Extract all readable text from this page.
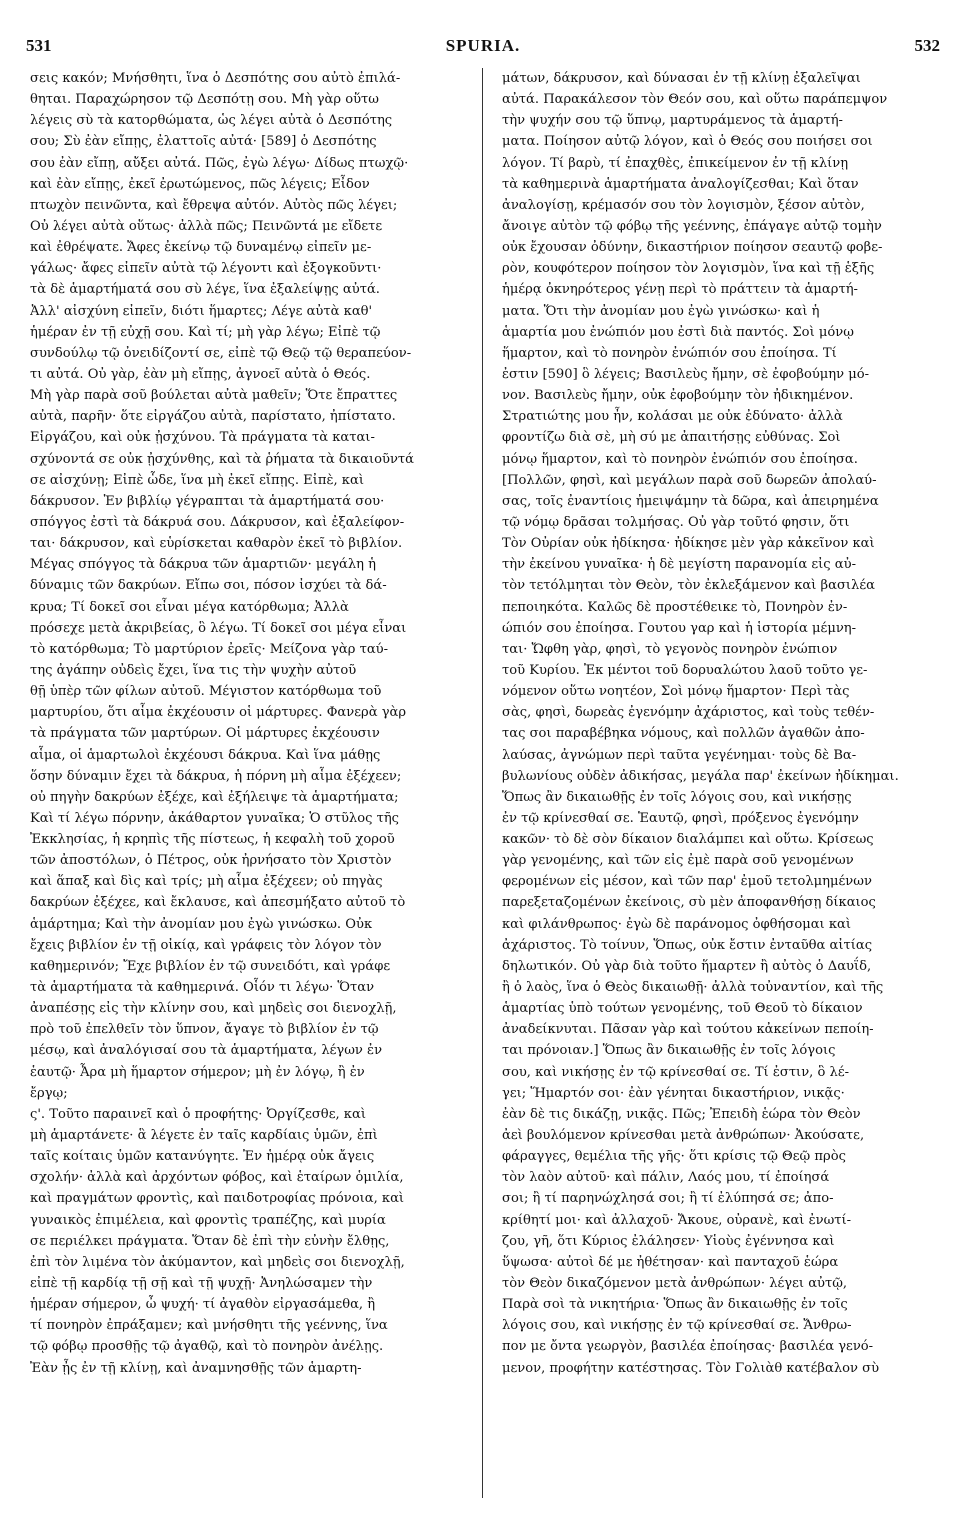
531	SPURIA.	532
σεις κακόν; Μνήσθητι, ἵνα ὁ Δεσπότης σου αὐτὸ ἐπιλά-
θηται. Παραχώρησον τῷ Δεσπότῃ σου. Μὴ γὰρ οὕτω
λέγεις σὺ τὰ κατορθώματα, ὡς λέγει αὐτὰ ὁ Δεσπότης
σου; Σὺ ἐὰν εἴπῃς, ἐλαττοῖς αὐτά· [589] ὁ Δεσπότης
σου ἐὰν εἴπῃ, αὔξει αὐτά. Πῶς, ἐγὼ λέγω· Δίδως πτωχῷ·
καὶ ἐὰν εἴπῃς, ἐκεῖ ἐρωτώμενος, πῶς λέγεις; Εἶδον
πτωχὸν πεινῶντα, καὶ ἔθρεψα αὐτόν. Αὐτὸς πῶς λέγει;
Οὐ λέγει αὐτὰ οὕτως· ἀλλὰ πῶς; Πεινῶντά με εἴδετε
καὶ ἐθρέψατε. Ἄφες ἐκείνῳ τῷ δυναμένῳ εἰπεῖν με-
γάλως· ἄφες εἰπεῖν αὐτὰ τῷ λέγοντι καὶ ἐξογκοῦντι·
τὰ δὲ ἁμαρτήματά σου σὺ λέγε, ἵνα ἐξαλείψῃς αὐτά.
Ἀλλ' αἰσχύνη εἰπεῖν, διότι ἥμαρτες; Λέγε αὐτὰ καθ'
ἡμέραν ἐν τῇ εὐχῇ σου. Καὶ τί; μὴ γὰρ λέγω; Εἰπὲ τῷ
συνδούλῳ τῷ ὀνειδίζοντί σε, εἰπὲ τῷ Θεῷ τῷ θεραπεύον-
τι αὐτά. Οὐ γὰρ, ἐὰν μὴ εἴπῃς, ἀγνοεῖ αὐτὰ ὁ Θεός.
Μὴ γὰρ παρὰ σοῦ βούλεται αὐτὰ μαθεῖν; Ὅτε ἔπραττες
αὐτὰ, παρῆν· ὅτε εἰργάζου αὐτὰ, παρίστατο, ἠπίστατο.
Εἰργάζου, καὶ οὐκ ᾐσχύνου. Τὰ πράγματα τὰ καται-
σχύνοντά σε οὐκ ᾐσχύνθης, καὶ τὰ ῥήματα τὰ δικαιοῦντά
σε αἰσχύνῃ; Εἰπὲ ὧδε, ἵνα μὴ ἐκεῖ εἴπῃς. Εἰπὲ, καὶ
δάκρυσον. Ἐν βιβλίῳ γέγραπται τὰ ἁμαρτήματά σου·
σπόγγος ἐστὶ τὰ δάκρυά σου. Δάκρυσον, καὶ ἐξαλείφον-
ται· δάκρυσον, καὶ εὑρίσκεται καθαρὸν ἐκεῖ τὸ βιβλίον.
Μέγας σπόγγος τὰ δάκρυα τῶν ἁμαρτιῶν· μεγάλη ἡ
δύναμις τῶν δακρύων. Εἴπω σοι, πόσον ἰσχύει τὰ δά-
κρυα; Τί δοκεῖ σοι εἶναι μέγα κατόρθωμα; Ἀλλὰ
πρόσεχε μετὰ ἀκριβείας, ὃ λέγω. Τί δοκεῖ σοι μέγα εἶναι
τὸ κατόρθωμα; Τὸ μαρτύριον ἐρεῖς· Μείζονα γὰρ ταύ-
της ἀγάπην οὐδεὶς ἔχει, ἵνα τις τὴν ψυχὴν αὐτοῦ
θῇ ὑπὲρ τῶν φίλων αὐτοῦ. Μέγιστον κατόρθωμα τοῦ
μαρτυρίου, ὅτι αἷμα ἐκχέουσιν οἱ μάρτυρες. Φανερὰ γὰρ
τὰ πράγματα τῶν μαρτύρων. Οἱ μάρτυρες ἐκχέουσιν
αἷμα, οἱ ἁμαρτωλοὶ ἐκχέουσι δάκρυα. Καὶ ἵνα μάθῃς
ὅσην δύναμιν ἔχει τὰ δάκρυα, ἡ πόρνη μὴ αἷμα ἐξέχεεν;
οὐ πηγὴν δακρύων ἐξέχε, καὶ ἐξήλειψε τὰ ἁμαρτήματα;
Καὶ τί λέγω πόρνην, ἀκάθαρτον γυναῖκα; Ὁ στῦλος τῆς
Ἐκκλησίας, ἡ κρηπὶς τῆς πίστεως, ἡ κεφαλὴ τοῦ χοροῦ
τῶν ἀποστόλων, ὁ Πέτρος, οὐκ ἠρνήσατο τὸν Χριστὸν
καὶ ἅπαξ καὶ δὶς καὶ τρίς; μὴ αἷμα ἐξέχεεν; οὐ πηγὰς
δακρύων ἐξέχεε, καὶ ἔκλαυσε, καὶ ἀπεσμήξατο αὐτοῦ τὸ
ἁμάρτημα; Καὶ τὴν ἀνομίαν μου ἐγὼ γινώσκω. Οὐκ
ἔχεις βιβλίον ἐν τῇ οἰκίᾳ, καὶ γράφεις τὸν λόγον τὸν
καθημερινόν; Ἔχε βιβλίον ἐν τῷ συνειδότι, καὶ γράφε
τὰ ἁμαρτήματα τὰ καθημερινά. Οἷόν τι λέγω· Ὅταν
ἀναπέσῃς εἰς τὴν κλίνην σου, καὶ μηδεὶς σοι διενοχλῇ,
πρὸ τοῦ ἐπελθεῖν τὸν ὕπνον, ἄγαγε τὸ βιβλίον ἐν τῷ
μέσῳ, καὶ ἀναλόγισαί σου τὰ ἁμαρτήματα, λέγων ἐν
ἑαυτῷ· Ἆρα μὴ ἥμαρτον σήμερον; μὴ ἐν λόγῳ, ἢ ἐν
ἔργῳ;
ς'. Τοῦτο παραινεῖ καὶ ὁ προφήτης· Ὀργίζεσθε, καὶ
μὴ ἁμαρτάνετε· ἃ λέγετε ἐν ταῖς καρδίαις ὑμῶν, ἐπὶ
ταῖς κοίταις ὑμῶν κατανύγητε. Ἐν ἡμέρᾳ οὐκ ἄγεις
σχολήν· ἀλλὰ καὶ ἀρχόντων φόβος, καὶ ἑταίρων ὁμιλία,
καὶ πραγμάτων φροντὶς, καὶ παιδοτροφίας πρόνοια, καὶ
γυναικὸς ἐπιμέλεια, καὶ φροντὶς τραπέζης, καὶ μυρία
σε περιέλκει πράγματα. Ὅταν δὲ ἐπὶ τὴν εὐνὴν ἔλθῃς,
ἐπὶ τὸν λιμένα τὸν ἀκύμαντον, καὶ μηδεὶς σοι διενοχλῇ,
εἰπὲ τῇ καρδίᾳ τῇ σῇ καὶ τῇ ψυχῇ· Ἀνηλώσαμεν τὴν
ἡμέραν σήμερον, ὦ ψυχή· τί ἀγαθὸν εἰργασάμεθα, ἢ
τί πονηρὸν ἐπράξαμεν; καὶ μνήσθητι τῆς γεέννης, ἵνα
τῷ φόβῳ προσθῇς τῷ ἀγαθῷ, καὶ τὸ πονηρὸν ἀνέλῃς.
Ἐὰν ᾖς ἐν τῇ κλίνῃ, καὶ ἀναμνησθῇς τῶν ἁμαρτη-
μάτων, δάκρυσον, καὶ δύνασαι ἐν τῇ κλίνῃ ἐξαλεῖψαι
αὐτά. Παρακάλεσον τὸν Θεόν σου, καὶ οὕτω παράπεμψον
τὴν ψυχήν σου τῷ ὕπνῳ, μαρτυράμενος τὰ ἁμαρτή-
ματα. Ποίησον αὐτῷ λόγον, καὶ ὁ Θεός σου ποιήσει σοι
λόγον. Τί βαρὺ, τί ἐπαχθὲς, ἐπικείμενον ἐν τῇ κλίνῃ
τὰ καθημερινὰ ἁμαρτήματα ἀναλογίζεσθαι; Καὶ ὅταν
ἀναλογίσῃ, κρέμασόν σου τὸν λογισμὸν, ξέσον αὐτὸν,
ἄνοιγε αὐτὸν τῷ φόβῳ τῆς γεέννης, ἐπάγαγε αὐτῷ τομὴν
οὐκ ἔχουσαν ὀδύνην, δικαστήριον ποίησον σεαυτῷ φοβε-
ρὸν, κουφότερον ποίησον τὸν λογισμὸν, ἵνα καὶ τῇ ἑξῆς
ἡμέρᾳ ὀκνηρότερος γένῃ περὶ τὸ πράττειν τὰ ἁμαρτή-
ματα. Ὅτι τὴν ἀνομίαν μου ἐγὼ γινώσκω· καὶ ἡ
ἁμαρτία μου ἐνώπιόν μου ἐστὶ διὰ παντός. Σοὶ μόνῳ
ἥμαρτον, καὶ τὸ πονηρὸν ἐνώπιόν σου ἐποίησα. Τί
ἐστιν [590] ὃ λέγεις; Βασιλεὺς ἤμην, σὲ ἐφοβούμην μό-
νον. Βασιλεὺς ἤμην, οὐκ ἐφοβούμην τὸν ἠδικημένον.
Στρατιώτης μου ἦν, κολάσαι με οὐκ ἐδύνατο· ἀλλὰ
φροντίζω διὰ σὲ, μὴ σύ με ἀπαιτήσῃς εὐθύνας. Σοὶ
μόνῳ ἥμαρτον, καὶ τὸ πονηρὸν ἐνώπιόν σου ἐποίησα.
[Πολλῶν, φησὶ, καὶ μεγάλων παρὰ σοῦ δωρεῶν ἀπολαύ-
σας, τοῖς ἐναντίοις ἠμειψάμην τὰ δῶρα, καὶ ἀπειρημένα
τῷ νόμῳ δρᾶσαι τολμήσας. Οὐ γὰρ τοῦτό φησιν, ὅτι
Τὸν Οὐρίαν οὐκ ἠδίκησα· ἠδίκησε μὲν γὰρ κἀκεῖνον καὶ
τὴν ἐκείνου γυναῖκα· ἡ δὲ μεγίστη παρανομία εἰς αὐ-
τὸν τετόλμηται τὸν Θεὸν, τὸν ἐκλεξάμενον καὶ βασιλέα
πεποιηκότα. Καλῶς δὲ προστέθεικε τὸ, Πονηρὸν ἐν-
ώπιόν σου ἐποίησα. Γουτου γαρ καὶ ἡ ἱστορία μέμνη-
ται· Ὤφθη γὰρ, φησὶ, τὸ γεγονὸς πονηρὸν ἐνώπιον
τοῦ Κυρίου. Ἐκ μέντοι τοῦ δορυαλώτου λαοῦ τοῦτο γε-
νόμενον οὕτω νοητέον, Σοὶ μόνῳ ἥμαρτον· Περὶ τὰς
σὰς, φησὶ, δωρεὰς ἐγενόμην ἀχάριστος, καὶ τοὺς τεθέν-
τας σοι παραβέβηκα νόμους, καὶ πολλῶν ἀγαθῶν ἀπο-
λαύσας, ἀγνώμων περὶ ταῦτα γεγένημαι· τοὺς δὲ Βα-
βυλωνίους οὐδὲν ἀδικήσας, μεγάλα παρ' ἐκείνων ἠδίκημαι.
Ὅπως ἂν δικαιωθῇς ἐν τοῖς λόγοις σου, καὶ νικήσῃς
ἐν τῷ κρίνεσθαί σε. Ἑαυτῷ, φησὶ, πρόξενος ἐγενόμην
κακῶν· τὸ δὲ σὸν δίκαιον διαλάμπει καὶ οὕτω. Κρίσεως
γὰρ γενομένης, καὶ τῶν εἰς ἐμὲ παρὰ σοῦ γενομένων
φερομένων εἰς μέσον, καὶ τῶν παρ' ἐμοῦ τετολμημένων
παρεξεταζομένων ἐκείνοις, σὺ μὲν ἀποφανθήσῃ δίκαιος
καὶ φιλάνθρωπος· ἐγὼ δὲ παράνομος ὀφθήσομαι καὶ
ἀχάριστος. Τὸ τοίνυν, Ὅπως, οὐκ ἔστιν ἐνταῦθα αἰτίας
δηλωτικόν. Οὐ γὰρ διὰ τοῦτο ἥμαρτεν ἢ αὐτὸς ὁ Δαυΐδ,
ἢ ὁ λαὸς, ἵνα ὁ Θεὸς δικαιωθῇ· ἀλλὰ τοὐναντίον, καὶ τῆς
ἁμαρτίας ὑπὸ τούτων γενομένης, τοῦ Θεοῦ τὸ δίκαιον
ἀναδείκνυται. Πᾶσαν γὰρ καὶ τούτου κἀκείνων πεποίη-
ται πρόνοιαν.] Ὅπως ἂν δικαιωθῇς ἐν τοῖς λόγοις
σου, καὶ νικήσῃς ἐν τῷ κρίνεσθαί σε. Τί ἐστιν, ὃ λέ-
γει; Ἥμαρτόν σοι· ἐὰν γένηται δικαστήριον, νικᾷς·
ἐὰν δὲ τις δικάζῃ, νικᾷς. Πῶς; Ἐπειδὴ ἑώρα τὸν Θεὸν
ἀεὶ βουλόμενον κρίνεσθαι μετὰ ἀνθρώπων· Ἀκούσατε,
φάραγγες, θεμέλια τῆς γῆς· ὅτι κρίσις τῷ Θεῷ πρὸς
τὸν λαὸν αὐτοῦ· καὶ πάλιν, Λαός μου, τί ἐποίησά
σοι; ἢ τί παρηνώχλησά σοι; ἢ τί ἐλύπησά σε; ἀπο-
κρίθητί μοι· καὶ ἀλλαχοῦ· Ἄκουε, οὐρανὲ, καὶ ἐνωτί-
ζου, γῆ, ὅτι Κύριος ἐλάλησεν· Υἱοὺς ἐγέννησα καὶ
ὕψωσα· αὐτοὶ δέ με ἠθέτησαν· καὶ πανταχοῦ ἑώρα
τὸν Θεὸν δικαζόμενον μετὰ ἀνθρώπων· λέγει αὐτῷ,
Παρὰ σοὶ τὰ νικητήρια· Ὅπως ἂν δικαιωθῇς ἐν τοῖς
λόγοις σου, καὶ νικήσῃς ἐν τῷ κρίνεσθαί σε. Ἄνθρω-
πον με ὄντα γεωργὸν, βασιλέα ἐποίησας· βασιλέα γενό-
μενον, προφήτην κατέστησας. Τὸν Γολιὰθ κατέβαλον σὺ
